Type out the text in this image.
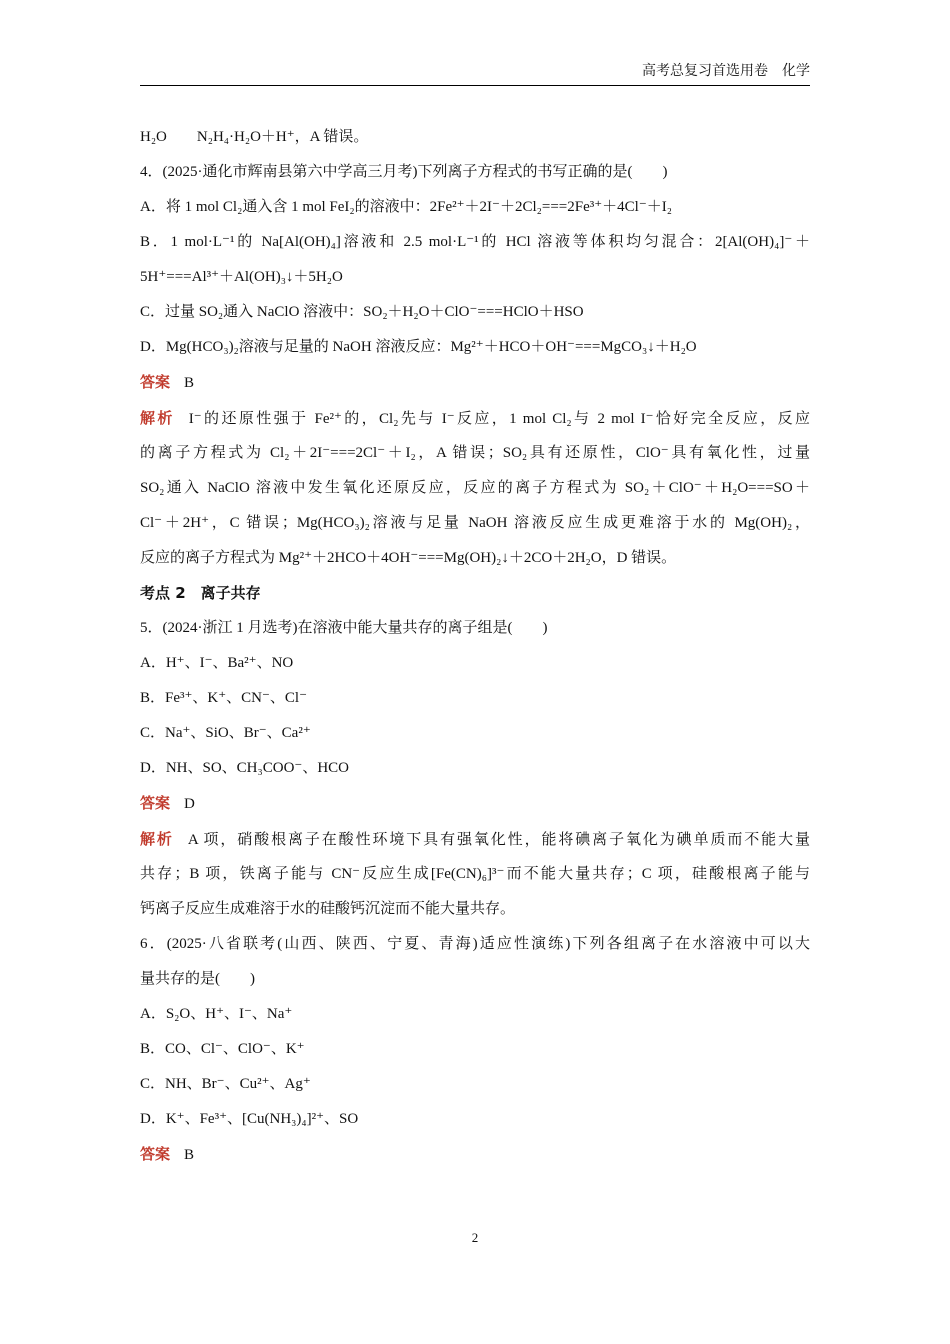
高考总复习首选用卷　化学
H₂O　　N₂H₄·H₂O＋H⁺，A 错误。
4．(2025·通化市辉南县第六中学高三月考)下列离子方程式的书写正确的是(　　)
A．将 1 mol Cl₂通入含 1 mol FeI₂的溶液中：2Fe²⁺＋2I⁻＋2Cl₂===2Fe³⁺＋4Cl⁻＋I₂
B．1 mol·L⁻¹的 Na[Al(OH)₄]溶液和 2.5 mol·L⁻¹的 HCl 溶液等体积均匀混合：2[Al(OH)₄]⁻＋
5H⁺===Al³⁺＋Al(OH)₃↓＋5H₂O
C．过量 SO₂通入 NaClO 溶液中：SO₂＋H₂O＋ClO⁻===HClO＋HSO
D．Mg(HCO₃)₂溶液与足量的 NaOH 溶液反应：Mg²⁺＋HCO＋OH⁻===MgCO₃↓＋H₂O
答案 B
解析 I⁻的还原性强于 Fe²⁺的，Cl₂先与 I⁻反应，1 mol Cl₂与 2 mol I⁻恰好完全反应，反应
的离子方程式为 Cl₂＋2I⁻===2Cl⁻＋I₂，A 错误；SO₂具有还原性，ClO⁻具有氧化性，过量
SO₂通入 NaClO 溶液中发生氧化还原反应，反应的离子方程式为 SO₂＋ClO⁻＋H₂O===SO＋
Cl⁻＋2H⁺，C 错误；Mg(HCO₃)₂溶液与足量 NaOH 溶液反应生成更难溶于水的 Mg(OH)₂，
反应的离子方程式为 Mg²⁺＋2HCO＋4OH⁻===Mg(OH)₂↓＋2CO＋2H₂O，D 错误。
考点 2　离子共存
5．(2024·浙江 1 月选考)在溶液中能大量共存的离子组是(　　)
A．H⁺、I⁻、Ba²⁺、NO
B．Fe³⁺、K⁺、CN⁻、Cl⁻
C．Na⁺、SiO、Br⁻、Ca²⁺
D．NH、SO、CH₃COO⁻、HCO
答案 D
解析 A 项，硝酸根离子在酸性环境下具有强氧化性，能将碘离子氧化为碘单质而不能大量
共存；B 项，铁离子能与 CN⁻反应生成[Fe(CN)₆]³⁻而不能大量共存；C 项，硅酸根离子能与
钙离子反应生成难溶于水的硅酸钙沉淀而不能大量共存。
6．(2025·八省联考(山西、陕西、宁夏、青海)适应性演练)下列各组离子在水溶液中可以大
量共存的是(　　)
A．S₂O、H⁺、I⁻、Na⁺
B．CO、Cl⁻、ClO⁻、K⁺
C．NH、Br⁻、Cu²⁺、Ag⁺
D．K⁺、Fe³⁺、[Cu(NH₃)₄]²⁺、SO
答案 B
2
